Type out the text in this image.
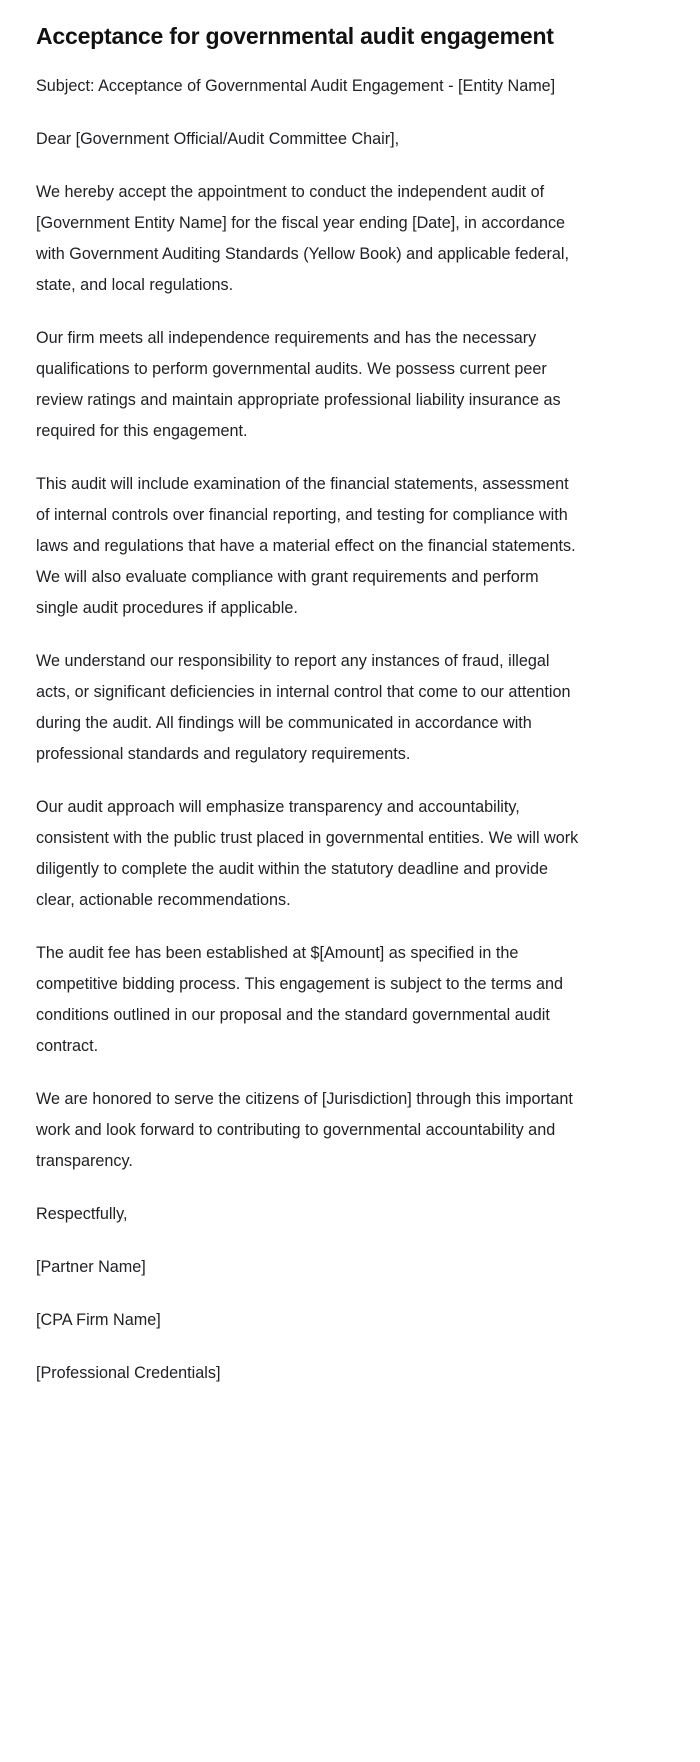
Acceptance for governmental audit engagement

Subject: Acceptance of Governmental Audit Engagement - [Entity Name]

Dear [Government Official/Audit Committee Chair],

We hereby accept the appointment to conduct the independent audit of [Government Entity Name] for the fiscal year ending [Date], in accordance with Government Auditing Standards (Yellow Book) and applicable federal, state, and local regulations.

Our firm meets all independence requirements and has the necessary qualifications to perform governmental audits. We possess current peer review ratings and maintain appropriate professional liability insurance as required for this engagement.

This audit will include examination of the financial statements, assessment of internal controls over financial reporting, and testing for compliance with laws and regulations that have a material effect on the financial statements. We will also evaluate compliance with grant requirements and perform single audit procedures if applicable.

We understand our responsibility to report any instances of fraud, illegal acts, or significant deficiencies in internal control that come to our attention during the audit. All findings will be communicated in accordance with professional standards and regulatory requirements.

Our audit approach will emphasize transparency and accountability, consistent with the public trust placed in governmental entities. We will work diligently to complete the audit within the statutory deadline and provide clear, actionable recommendations.

The audit fee has been established at $[Amount] as specified in the competitive bidding process. This engagement is subject to the terms and conditions outlined in our proposal and the standard governmental audit contract.

We are honored to serve the citizens of [Jurisdiction] through this important work and look forward to contributing to governmental accountability and transparency.

Respectfully,

[Partner Name]

[CPA Firm Name]

[Professional Credentials]
